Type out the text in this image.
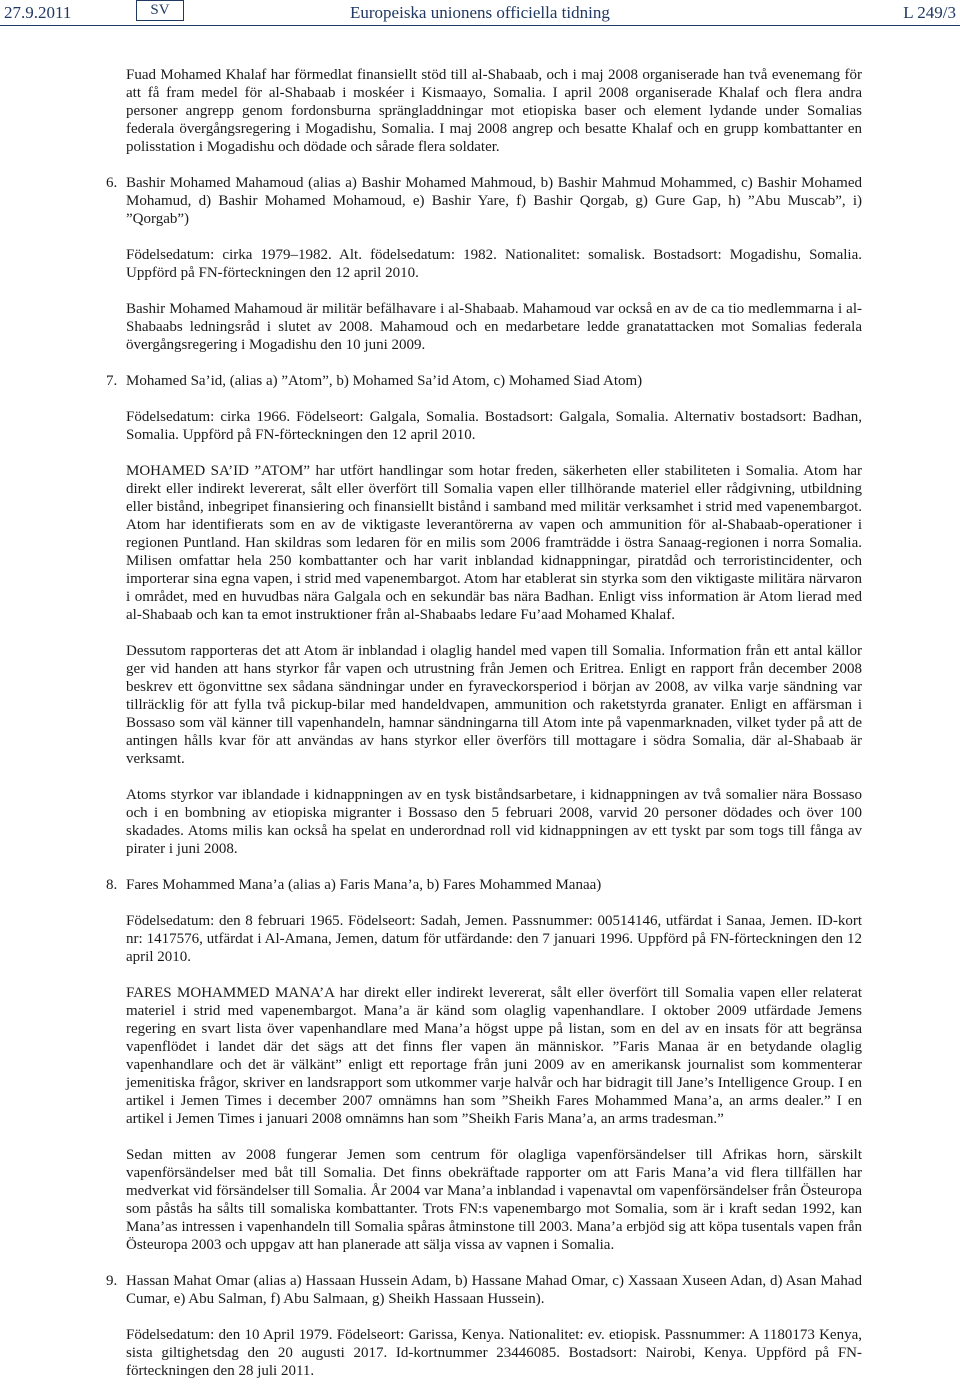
27.9.2011	SV	Europeiska unionens officiella tidning	L 249/3

Fuad Mohamed Khalaf har förmedlat finansiellt stöd till al-Shabaab, och i maj 2008 organiserade han två evenemang för att få fram medel för al-Shabaab i moskéer i Kismaayo, Somalia. I april 2008 organiserade Khalaf och flera andra personer angrepp genom fordonsburna sprängladdningar mot etiopiska baser och element lydande under Somalias federala övergångsregering i Mogadishu, Somalia. I maj 2008 angrep och besatte Khalaf och en grupp kombattanter en polisstation i Mogadishu och dödade och sårade flera soldater.

6. Bashir Mohamed Mahamoud (alias a) Bashir Mohamed Mahmoud, b) Bashir Mahmud Mohammed, c) Bashir Mohamed Mohamud, d) Bashir Mohamed Mohamoud, e) Bashir Yare, f) Bashir Qorgab, g) Gure Gap, h) ”Abu Muscab”, i) ”Qorgab”)

Födelsedatum: cirka 1979–1982. Alt. födelsedatum: 1982. Nationalitet: somalisk. Bostadsort: Mogadishu, Somalia. Uppförd på FN-förteckningen den 12 april 2010.

Bashir Mohamed Mahamoud är militär befälhavare i al-Shabaab. Mahamoud var också en av de ca tio medlemmarna i al-Shabaabs ledningsråd i slutet av 2008. Mahamoud och en medarbetare ledde granatattacken mot Somalias federala övergångsregering i Mogadishu den 10 juni 2009.

7. Mohamed Sa’id, (alias a) ”Atom”, b) Mohamed Sa’id Atom, c) Mohamed Siad Atom)

Födelsedatum: cirka 1966. Födelseort: Galgala, Somalia. Bostadsort: Galgala, Somalia. Alternativ bostadsort: Badhan, Somalia. Uppförd på FN-förteckningen den 12 april 2010.

MOHAMED SA’ID ”ATOM” har utfört handlingar som hotar freden, säkerheten eller stabiliteten i Somalia. Atom har direkt eller indirekt levererat, sålt eller överfört till Somalia vapen eller tillhörande materiel eller rådgivning, utbildning eller bistånd, inbegripet finansiering och finansiellt bistånd i samband med militär verksamhet i strid med vapenembargot. Atom har identifierats som en av de viktigaste leverantörerna av vapen och ammunition för al-Shabaab-operationer i regionen Puntland. Han skildras som ledaren för en milis som 2006 framträdde i östra Sanaag-regionen i norra Somalia. Milisen omfattar hela 250 kombattanter och har varit inblandad kidnappningar, piratdåd och terroristincidenter, och importerar sina egna vapen, i strid med vapenembargot. Atom har etablerat sin styrka som den viktigaste militära närvaron i området, med en huvudbas nära Galgala och en sekundär bas nära Badhan. Enligt viss information är Atom lierad med al-Shabaab och kan ta emot instruktioner från al-Shabaabs ledare Fu’aad Mohamed Khalaf.

Dessutom rapporteras det att Atom är inblandad i olaglig handel med vapen till Somalia. Information från ett antal källor ger vid handen att hans styrkor får vapen och utrustning från Jemen och Eritrea. Enligt en rapport från december 2008 beskrev ett ögonvittne sex sådana sändningar under en fyraveckorsperiod i början av 2008, av vilka varje sändning var tillräcklig för att fylla två pickup-bilar med handeldvapen, ammunition och raketstyrda granater. Enligt en affärsman i Bossaso som väl känner till vapenhandeln, hamnar sändningarna till Atom inte på vapenmarknaden, vilket tyder på att de antingen hålls kvar för att användas av hans styrkor eller överförs till mottagare i södra Somalia, där al-Shabaab är verksamt.

Atoms styrkor var iblandade i kidnappningen av en tysk biståndsarbetare, i kidnappningen av två somalier nära Bossaso och i en bombning av etiopiska migranter i Bossaso den 5 februari 2008, varvid 20 personer dödades och över 100 skadades. Atoms milis kan också ha spelat en underordnad roll vid kidnappningen av ett tyskt par som togs till fånga av pirater i juni 2008.

8. Fares Mohammed Mana’a (alias a) Faris Mana’a, b) Fares Mohammed Manaa)

Födelsedatum: den 8 februari 1965. Födelseort: Sadah, Jemen. Passnummer: 00514146, utfärdat i Sanaa, Jemen. ID-kort nr: 1417576, utfärdat i Al-Amana, Jemen, datum för utfärdande: den 7 januari 1996. Uppförd på FN-förteckningen den 12 april 2010.

FARES MOHAMMED MANA’A har direkt eller indirekt levererat, sålt eller överfört till Somalia vapen eller relaterat materiel i strid med vapenembargot. Mana’a är känd som olaglig vapenhandlare. I oktober 2009 utfärdade Jemens regering en svart lista över vapenhandlare med Mana’a högst uppe på listan, som en del av en insats för att begränsa vapenflödet i landet där det sägs att det finns fler vapen än människor. ”Faris Manaa är en betydande olaglig vapenhandlare och det är välkänt” enligt ett reportage från juni 2009 av en amerikansk journalist som kommenterar jemenitiska frågor, skriver en landsrapport som utkommer varje halvår och har bidragit till Jane’s Intelligence Group. I en artikel i Jemen Times i december 2007 omnämns han som ”Sheikh Fares Mohammed Mana’a, an arms dealer.” I en artikel i Jemen Times i januari 2008 omnämns han som ”Sheikh Faris Mana’a, an arms tradesman.”

Sedan mitten av 2008 fungerar Jemen som centrum för olagliga vapenförsändelser till Afrikas horn, särskilt vapenförsändelser med båt till Somalia. Det finns obekräftade rapporter om att Faris Mana’a vid flera tillfällen har medverkat vid försändelser till Somalia. År 2004 var Mana’a inblandad i vapenavtal om vapenförsändelser från Östeuropa som påstås ha sålts till somaliska kombattanter. Trots FN:s vapenembargo mot Somalia, som är i kraft sedan 1992, kan Mana’as intressen i vapenhandeln till Somalia spåras åtminstone till 2003. Mana’a erbjöd sig att köpa tusentals vapen från Östeuropa 2003 och uppgav att han planerade att sälja vissa av vapnen i Somalia.

9. Hassan Mahat Omar (alias a) Hassaan Hussein Adam, b) Hassane Mahad Omar, c) Xassaan Xuseen Adan, d) Asan Mahad Cumar, e) Abu Salman, f) Abu Salmaan, g) Sheikh Hassaan Hussein).

Födelsedatum: den 10 April 1979. Födelseort: Garissa, Kenya. Nationalitet: ev. etiopisk. Passnummer: A 1180173 Kenya, sista giltighetsdag den 20 augusti 2017. Id-kortnummer 23446085. Bostadsort: Nairobi, Kenya. Uppförd på FN-förteckningen den 28 juli 2011.
